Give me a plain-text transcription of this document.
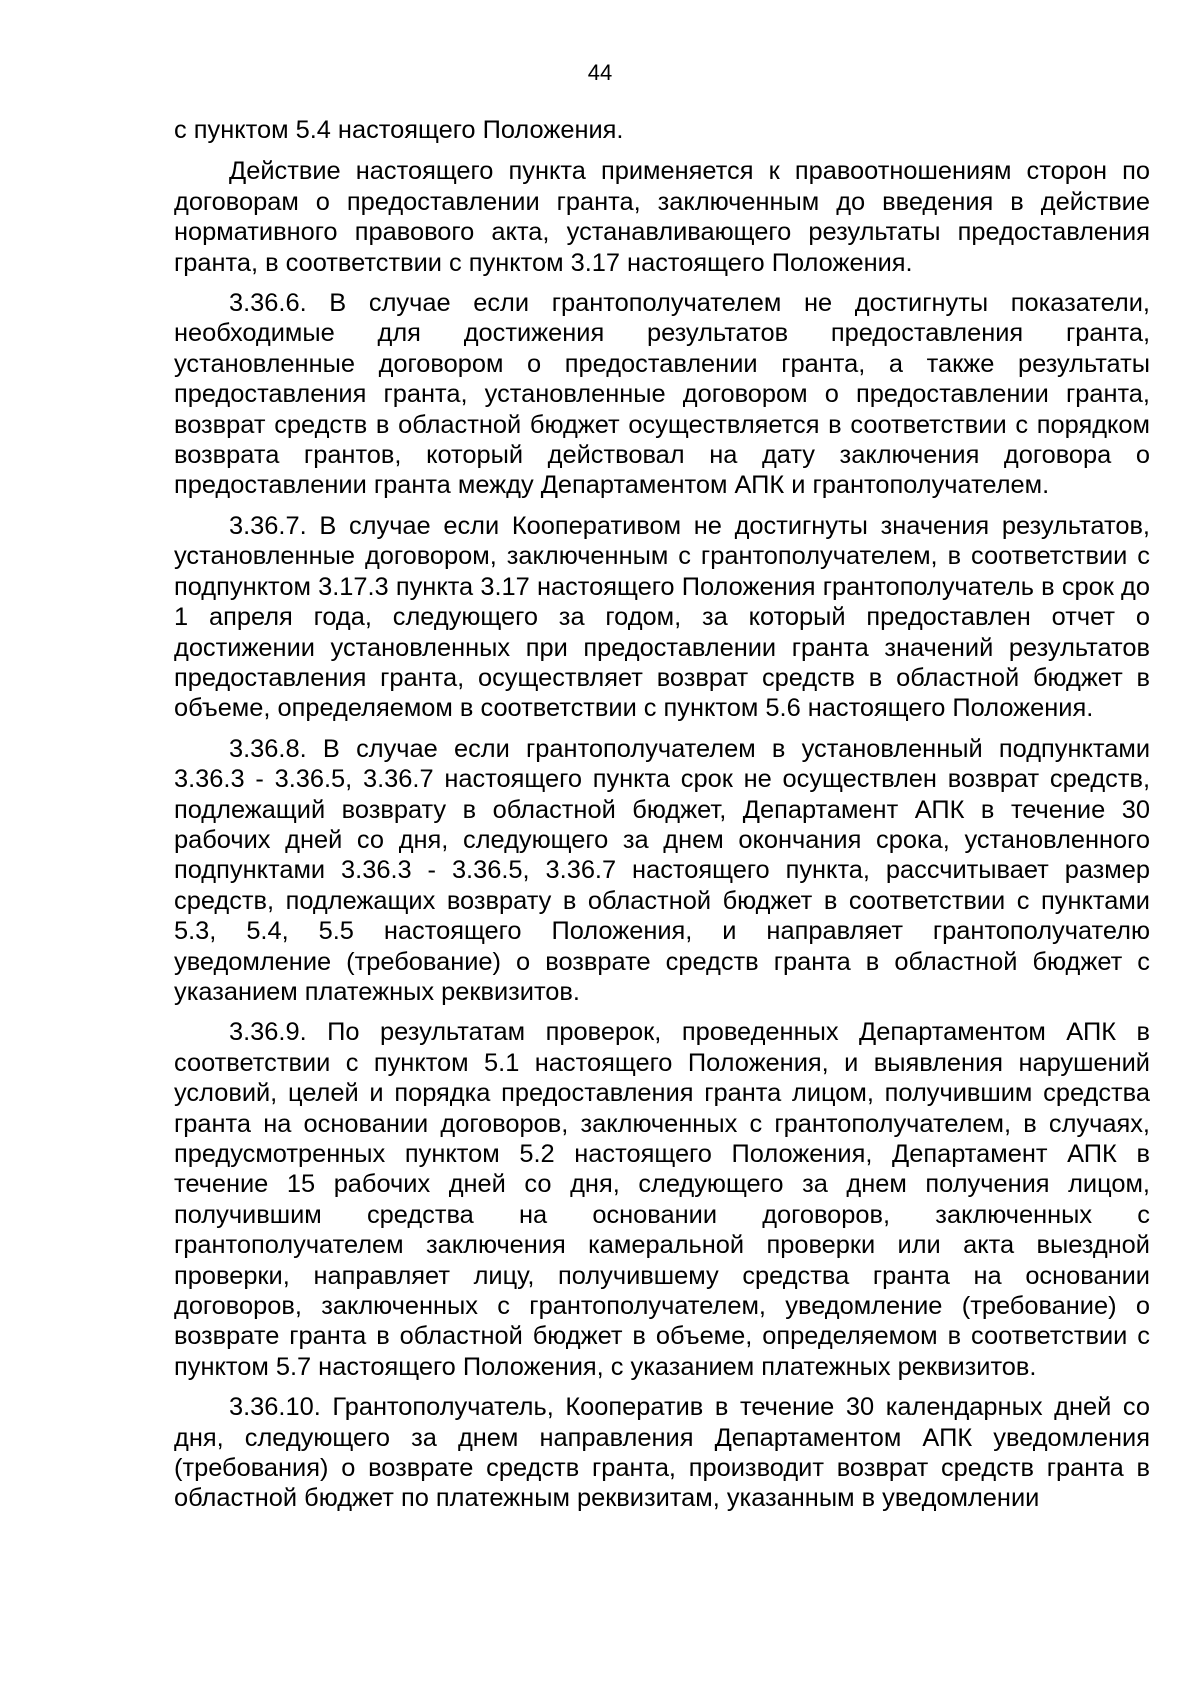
44

с пунктом 5.4 настоящего Положения.

Действие настоящего пункта применяется к правоотношениям сторон по договорам о предоставлении гранта, заключенным до введения в действие нормативного правового акта, устанавливающего результаты предоставления гранта, в соответствии с пунктом 3.17 настоящего Положения.

3.36.6. В случае если грантополучателем не достигнуты показатели, необходимые для достижения результатов предоставления гранта, установленные договором о предоставлении гранта, а также результаты предоставления гранта, установленные договором о предоставлении гранта, возврат средств в областной бюджет осуществляется в соответствии с порядком возврата грантов, который действовал на дату заключения договора о предоставлении гранта между Департаментом АПК и грантополучателем.

3.36.7. В случае если Кооперативом не достигнуты значения результатов, установленные договором, заключенным с грантополучателем, в соответствии с подпунктом 3.17.3 пункта 3.17 настоящего Положения грантополучатель в срок до 1 апреля года, следующего за годом, за который предоставлен отчет о достижении установленных при предоставлении гранта значений результатов предоставления гранта, осуществляет возврат средств в областной бюджет в объеме, определяемом в соответствии с пунктом 5.6 настоящего Положения.

3.36.8. В случае если грантополучателем в установленный подпунктами 3.36.3 - 3.36.5, 3.36.7 настоящего пункта срок не осуществлен возврат средств, подлежащий возврату в областной бюджет, Департамент АПК в течение 30 рабочих дней со дня, следующего за днем окончания срока, установленного подпунктами 3.36.3 - 3.36.5, 3.36.7 настоящего пункта, рассчитывает размер средств, подлежащих возврату в областной бюджет в соответствии с пунктами 5.3, 5.4, 5.5 настоящего Положения, и направляет грантополучателю уведомление (требование) о возврате средств гранта в областной бюджет с указанием платежных реквизитов.

3.36.9. По результатам проверок, проведенных Департаментом АПК в соответствии с пунктом 5.1 настоящего Положения, и выявления нарушений условий, целей и порядка предоставления гранта лицом, получившим средства гранта на основании договоров, заключенных с грантополучателем, в случаях, предусмотренных пунктом 5.2 настоящего Положения, Департамент АПК в течение 15 рабочих дней со дня, следующего за днем получения лицом, получившим средства на основании договоров, заключенных с грантополучателем заключения камеральной проверки или акта выездной проверки, направляет лицу, получившему средства гранта на основании договоров, заключенных с грантополучателем, уведомление (требование) о возврате гранта в областной бюджет в объеме, определяемом в соответствии с пунктом 5.7 настоящего Положения, с указанием платежных реквизитов.

3.36.10. Грантополучатель, Кооператив в течение 30 календарных дней со дня, следующего за днем направления Департаментом АПК уведомления (требования) о возврате средств гранта, производит возврат средств гранта в областной бюджет по платежным реквизитам, указанным в уведомлении
